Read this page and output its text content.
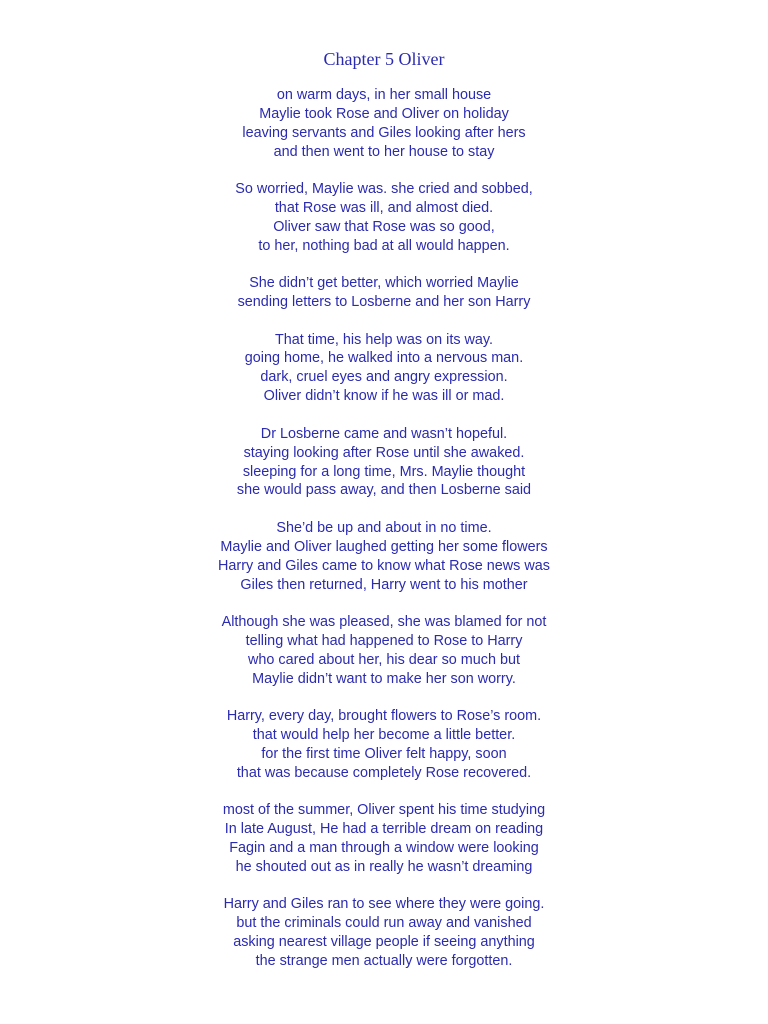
Chapter 5 Oliver
on warm days, in her small house
Maylie took Rose and Oliver on holiday
leaving servants and Giles looking after hers
and then went to her house to stay
So worried, Maylie was. she cried and sobbed,
that Rose was ill, and almost died.
Oliver saw that Rose was so good,
to her, nothing bad at all would happen.
She didn’t get better, which worried Maylie
sending letters to Losberne and her son Harry
That time, his help was on its way.
going home, he walked into a nervous man.
dark, cruel eyes and angry expression.
Oliver didn’t know if he was ill or mad.
Dr Losberne came and wasn’t hopeful.
staying looking after Rose until she awaked.
sleeping for a long time, Mrs. Maylie thought
she would pass away, and then Losberne said
She’d be up and about in no time.
Maylie and Oliver laughed getting her some flowers
Harry and Giles came to know what Rose news was
Giles then returned, Harry went to his mother
Although she was pleased, she was blamed for not
telling what had happened to Rose to Harry
who cared about her, his dear so much but
Maylie didn’t want to make her son worry.
Harry, every day, brought flowers to Rose’s room.
that would help her become a little better.
for the first time Oliver felt happy, soon
that was because completely Rose recovered.
most of the summer, Oliver spent his time studying
In late August, He had a terrible dream on reading
Fagin and a man through a window were looking
he shouted out as in really he wasn’t dreaming
Harry and Giles ran to see where they were going.
but the criminals could run away and vanished
asking nearest village people if seeing anything
the strange men actually were forgotten.
